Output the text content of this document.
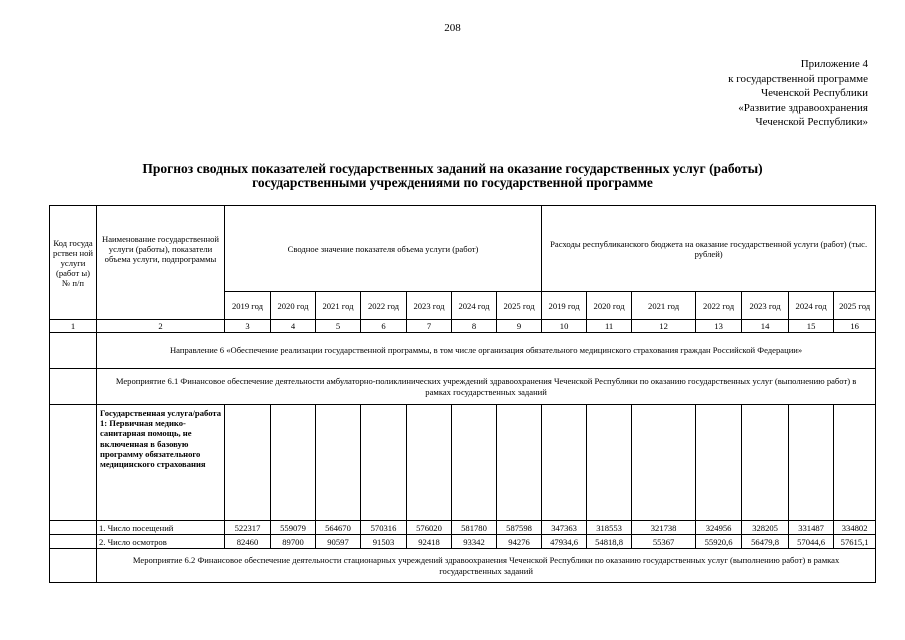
208
Приложение 4
к государственной программе
Чеченской Республики
«Развитие здравоохранения
Чеченской Республики»
Прогноз сводных показателей государственных заданий на оказание государственных услуг (работы)
государственными учреждениями по государственной программе
Код госуда рствен ной услуги (работ ы) № п/п	Наименование государственной услуги (работы), показатели объема услуги, подпрограммы	Сводное значение показателя объема услуги (работ)							Расходы республиканского бюджета на оказание государственной услуги (работ) (тыс. рублей)						
		2019 год	2020 год	2021 год	2022 год	2023 год	2024 год	2025 год	2019 год	2020 год	2021 год	2022 год	2023 год	2024 год	2025 год
1	2	3	4	5	6	7	8	9	10	11	12	13	14	15	16
	Направление 6 «Обеспечение реализации государственной программы, в том числе организация обязательного медицинского страхования граждан Российской Федерации»														
	Мероприятие 6.1 Финансовое обеспечение деятельности амбулаторно-поликлинических учреждений здравоохранения Чеченской Республики по оказанию государственных услуг (выполнению работ) в рамках государственных заданий														
	Государственная услуга/работа 1: Первичная медико-санитарная помощь, не включенная в базовую программу обязательного медицинского страхования														
	1. Число посещений	522317	559079	564670	570316	576020	581780	587598	347363	318553	321738	324956	328205	331487	334802
	2. Число осмотров	82460	89700	90597	91503	92418	93342	94276	47934,6	54818,8	55367	55920,6	56479,8	57044,6	57615,1
	Мероприятие 6.2 Финансовое обеспечение деятельности стационарных учреждений здравоохранения Чеченской Республики по оказанию государственных услуг (выполнению работ) в рамках государственных заданий														
